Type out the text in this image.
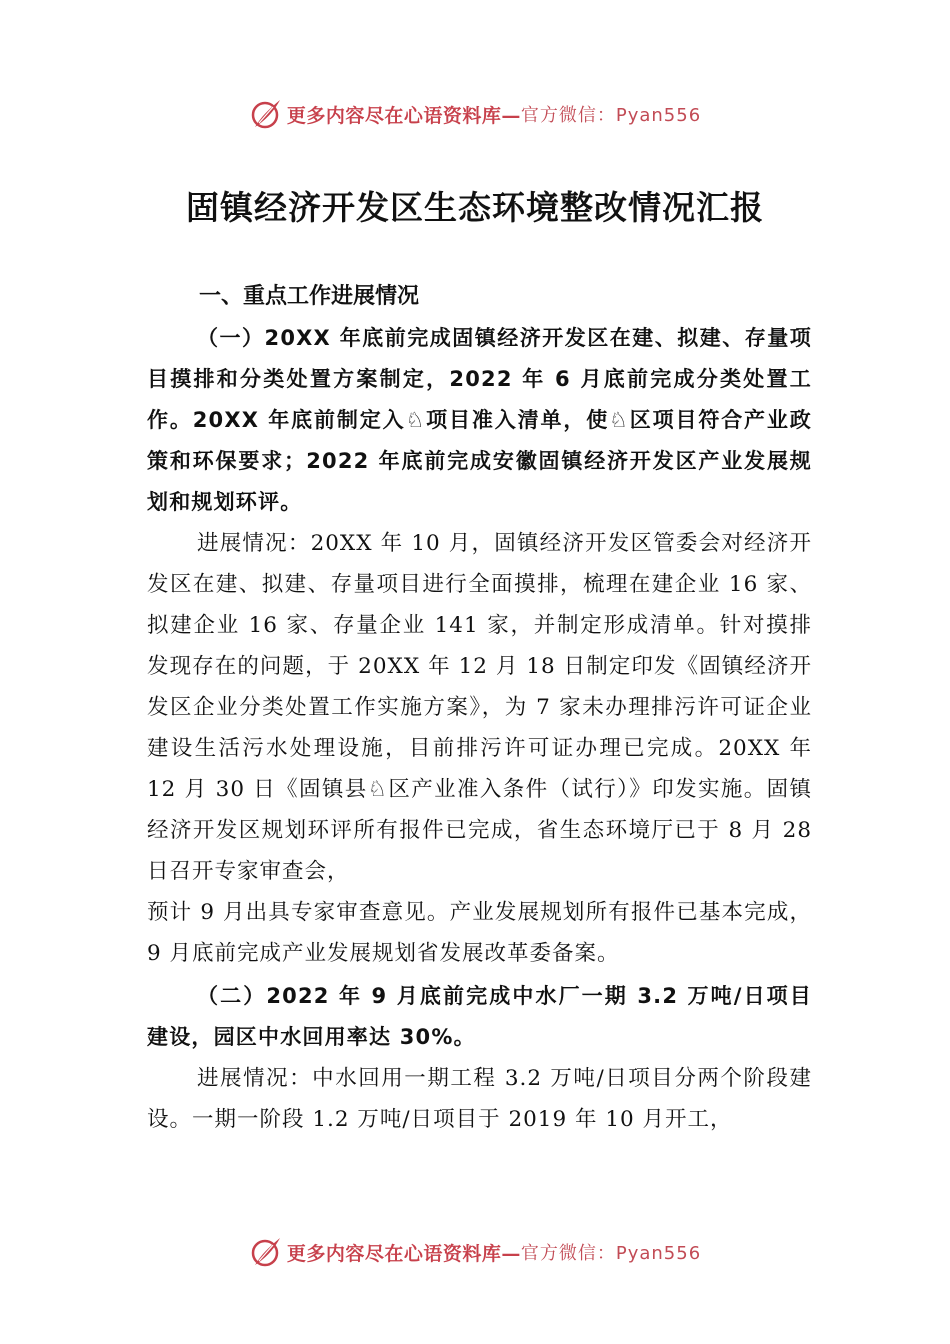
更多内容尽在心语资料库— 官方微信：Pyan556
固镇经济开发区生态环境整改情况汇报

一、重点工作进展情况

（一）20XX 年底前完成固镇经济开发区在建、拟建、存量项目摸排和分类处置方案制定，2022 年 6 月底前完成分类处置工作。20XX 年底前制定入♘项目准入清单，使♘区项目符合产业政策和环保要求；2022 年底前完成安徽固镇经济开发区产业发展规划和规划环评。

进展情况：20XX 年 10 月，固镇经济开发区管委会对经济开发区在建、拟建、存量项目进行全面摸排，梳理在建企业 16 家、拟建企业 16 家、存量企业 141 家，并制定形成清单。针对摸排发现存在的问题，于 20XX 年 12 月 18 日制定印发《固镇经济开发区企业分类处置工作实施方案》，为 7 家未办理排污许可证企业建设生活污水处理设施，目前排污许可证办理已完成。20XX 年 12 月 30 日《固镇县♘区产业准入条件（试行）》印发实施。固镇经济开发区规划环评所有报件已完成，省生态环境厅已于 8 月 28 日召开专家审查会，

预计 9 月出具专家审查意见。产业发展规划所有报件已基本完成，9 月底前完成产业发展规划省发展改革委备案。

（二）2022 年 9 月底前完成中水厂一期 3.2 万吨/日项目建设，园区中水回用率达 30%。

进展情况：中水回用一期工程 3.2 万吨/日项目分两个阶段建设。一期一阶段 1.2 万吨/日项目于 2019 年 10 月开工，

更多内容尽在心语资料库— 官方微信：Pyan556
